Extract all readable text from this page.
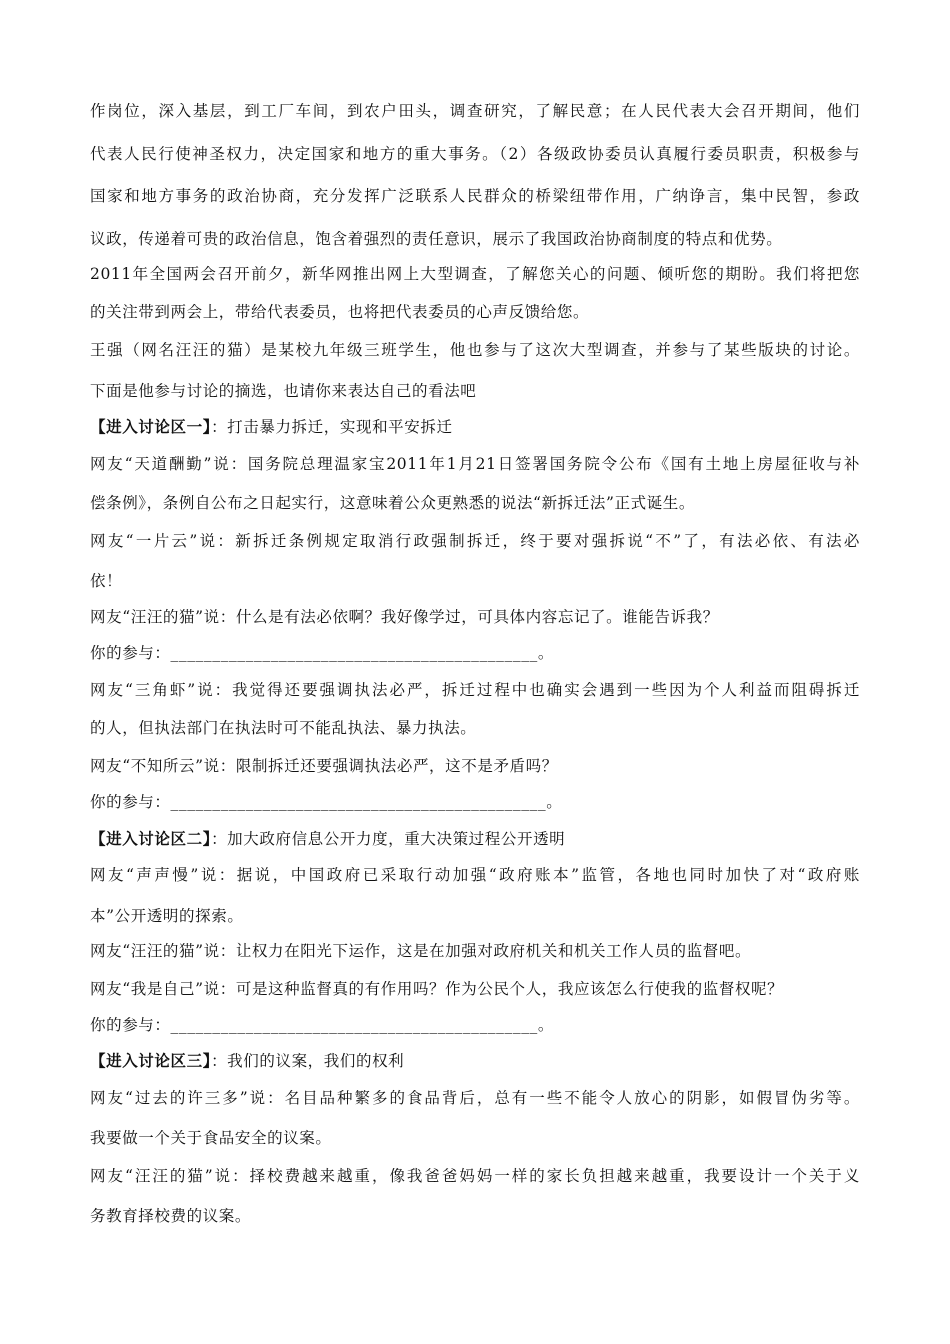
作岗位，深入基层，到工厂车间，到农户田头，调查研究，了解民意；在人民代表大会召开期间，他们
代表人民行使神圣权力，决定国家和地方的重大事务。（2）各级政协委员认真履行委员职责，积极参与
国家和地方事务的政治协商，充分发挥广泛联系人民群众的桥梁纽带作用，广纳诤言，集中民智，参政
议政，传递着可贵的政治信息，饱含着强烈的责任意识，展示了我国政治协商制度的特点和优势。
2011年全国两会召开前夕，新华网推出网上大型调查，了解您关心的问题、倾听您的期盼。我们将把您
的关注带到两会上，带给代表委员，也将把代表委员的心声反馈给您。
王强（网名汪汪的猫）是某校九年级三班学生，他也参与了这次大型调查，并参与了某些版块的讨论。
下面是他参与讨论的摘选，也请你来表达自己的看法吧
【进入讨论区一】：打击暴力拆迁，实现和平安拆迁
网友“天道酬勤”说：国务院总理温家宝2011年1月21日签署国务院令公布《国有土地上房屋征收与补
偿条例》，条例自公布之日起实行，这意味着公众更熟悉的说法“新拆迁法”正式诞生。
网友“一片云”说：新拆迁条例规定取消行政强制拆迁，终于要对强拆说“不”了，有法必依、有法必
依！
网友“汪汪的猫”说：什么是有法必依啊？我好像学过，可具体内容忘记了。谁能告诉我？
你的参与：____________________________________________。
网友“三角虾”说：我觉得还要强调执法必严，拆迁过程中也确实会遇到一些因为个人利益而阻碍拆迁
的人，但执法部门在执法时可不能乱执法、暴力执法。
网友“不知所云”说：限制拆迁还要强调执法必严，这不是矛盾吗？
你的参与：_____________________________________________。
【进入讨论区二】：加大政府信息公开力度，重大决策过程公开透明
网友“声声慢”说：据说，中国政府已采取行动加强“政府账本”监管，各地也同时加快了对“政府账
本”公开透明的探索。
网友“汪汪的猫”说：让权力在阳光下运作，这是在加强对政府机关和机关工作人员的监督吧。
网友“我是自己”说：可是这种监督真的有作用吗？作为公民个人，我应该怎么行使我的监督权呢？
你的参与：____________________________________________。
【进入讨论区三】：我们的议案，我们的权利
网友“过去的许三多”说：名目品种繁多的食品背后，总有一些不能令人放心的阴影，如假冒伪劣等。
我要做一个关于食品安全的议案。
网友“汪汪的猫”说：择校费越来越重，像我爸爸妈妈一样的家长负担越来越重，我要设计一个关于义
务教育择校费的议案。
